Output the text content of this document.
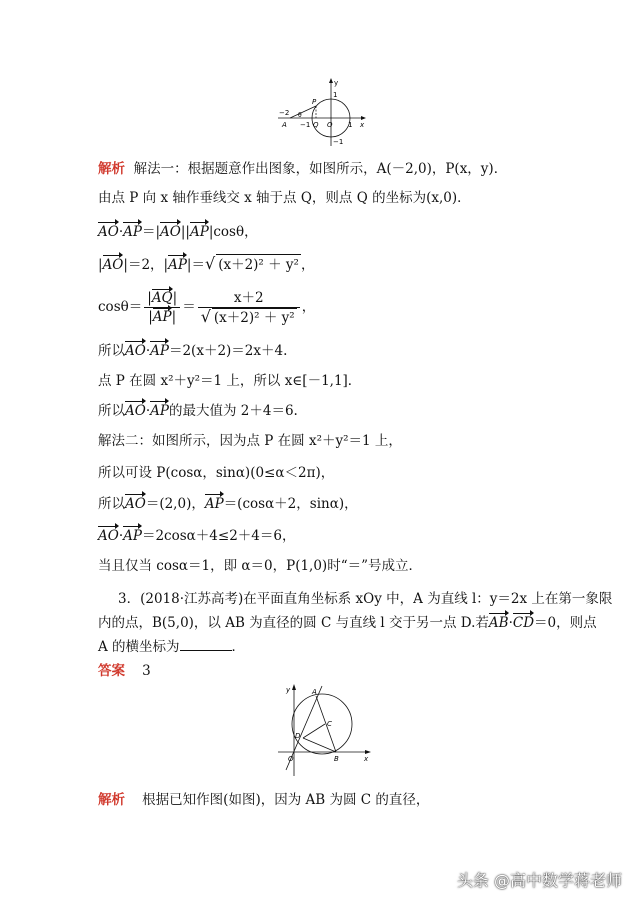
y
1
−2
P
θ
A −1 Q O 1 x
−1
解析 解法一：根据题意作出图象，如图所示，A(－2,0)，P(x，y)．
由点 P 向 x 轴作垂线交 x 轴于点 Q，则点 Q 的坐标为(x,0)．
AO·AP＝|AO||AP|cosθ，
|AO|＝2，|AP|＝√ (x＋2)² ＋ y² ，
$\cos\theta= \frac{|AQ|}{|AP|} = \frac{x+2}{\text{√ (x＋2)² ＋ y²}}$ ，
所以AO·AP＝2(x＋2)＝2x＋4.
点 P 在圆 x²＋y²＝1 上，所以 x∈[－1,1]．
所以AO·AP的最大值为 2＋4＝6.
解法二：如图所示，因为点 P 在圆 x²＋y²＝1 上，
所以可设 P(cosα，sinα)(0≤α＜2π)，
所以AO＝(2,0)，AP＝(cosα＋2，sinα)，
AO·AP＝2cosα＋4≤2＋4＝6，
当且仅当 cosα＝1，即 α＝0，P(1,0)时“＝”号成立．
3．(2018·江苏高考)在平面直角坐标系 xOy 中，A 为直线 l：y＝2x 上在第一象限
内的点，B(5,0)，以 AB 为直径的圆 C 与直线 l 交于另一点 D.若AB·CD＝0，则点
A 的横坐标为	．
答案 3
y	A
C
D
O	B	x
解析 根据已知作图(如图)，因为 AB 为圆 C 的直径，
头条 @高中数学蒋老师
